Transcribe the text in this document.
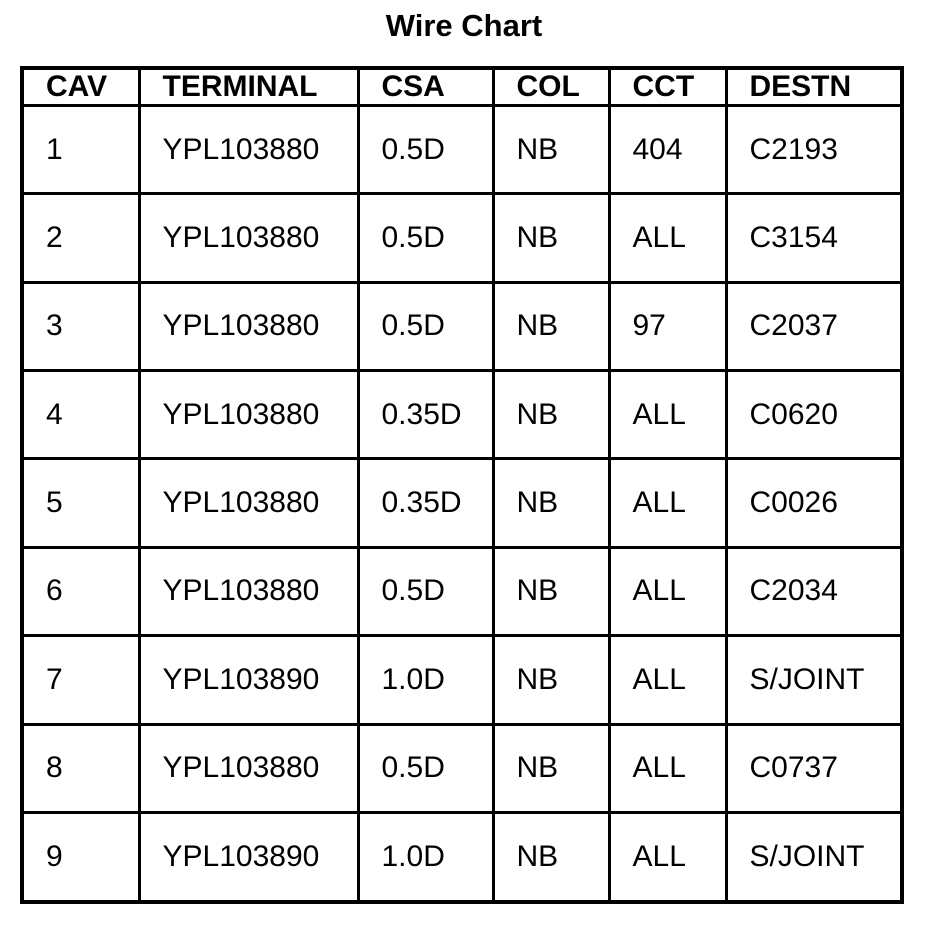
Wire Chart
CAV	TERMINAL	CSA	COL	CCT	DESTN
1	YPL103880	0.5D	NB	404	C2193
2	YPL103880	0.5D	NB	ALL	C3154
3	YPL103880	0.5D	NB	97	C2037
4	YPL103880	0.35D	NB	ALL	C0620
5	YPL103880	0.35D	NB	ALL	C0026
6	YPL103880	0.5D	NB	ALL	C2034
7	YPL103890	1.0D	NB	ALL	S/JOINT
8	YPL103880	0.5D	NB	ALL	C0737
9	YPL103890	1.0D	NB	ALL	S/JOINT
